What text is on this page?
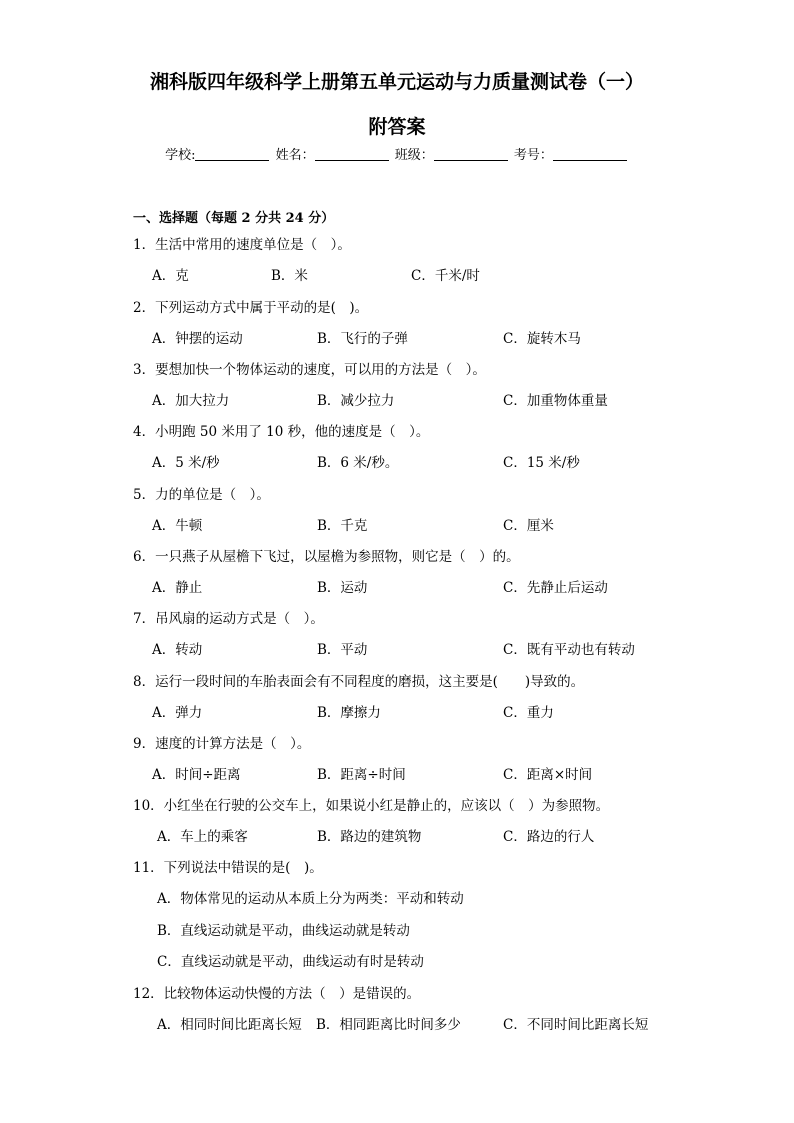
湘科版四年级科学上册第五单元运动与力质量测试卷（一）
附答案
学校:	姓名：	班级：	考号：
一、选择题（每题 2 分共 24 分）
1．生活中常用的速度单位是（　）。
A．克	B．米	C．千米/时
2．下列运动方式中属于平动的是(　)。
A．钟摆的运动	B．飞行的子弹	C．旋转木马
3．要想加快一个物体运动的速度，可以用的方法是（　）。
A．加大拉力	B．减少拉力	C．加重物体重量
4．小明跑 50 米用了 10 秒，他的速度是（　）。
A．5 米/秒	B．6 米/秒。	C．15 米/秒
5．力的单位是（　）。
A．牛顿	B．千克	C．厘米
6．一只燕子从屋檐下飞过，以屋檐为参照物，则它是（　）的。
A．静止	B．运动	C．先静止后运动
7．吊风扇的运动方式是（　）。
A．转动	B．平动	C．既有平动也有转动
8．运行一段时间的车胎表面会有不同程度的磨损，这主要是(　　)导致的。
A．弹力	B．摩擦力	C．重力
9．速度的计算方法是（　）。
A．时间÷距离	B．距离÷时间	C．距离×时间
10．小红坐在行驶的公交车上，如果说小红是静止的，应该以（　）为参照物。
A．车上的乘客	B．路边的建筑物	C．路边的行人
11．下列说法中错误的是(　)。
A．物体常见的运动从本质上分为两类：平动和转动
B．直线运动就是平动，曲线运动就是转动
C．直线运动就是平动，曲线运动有时是转动
12．比较物体运动快慢的方法（　）是错误的。
A．相同时间比距离长短 B．相同距离比时间多少	C．不同时间比距离长短
